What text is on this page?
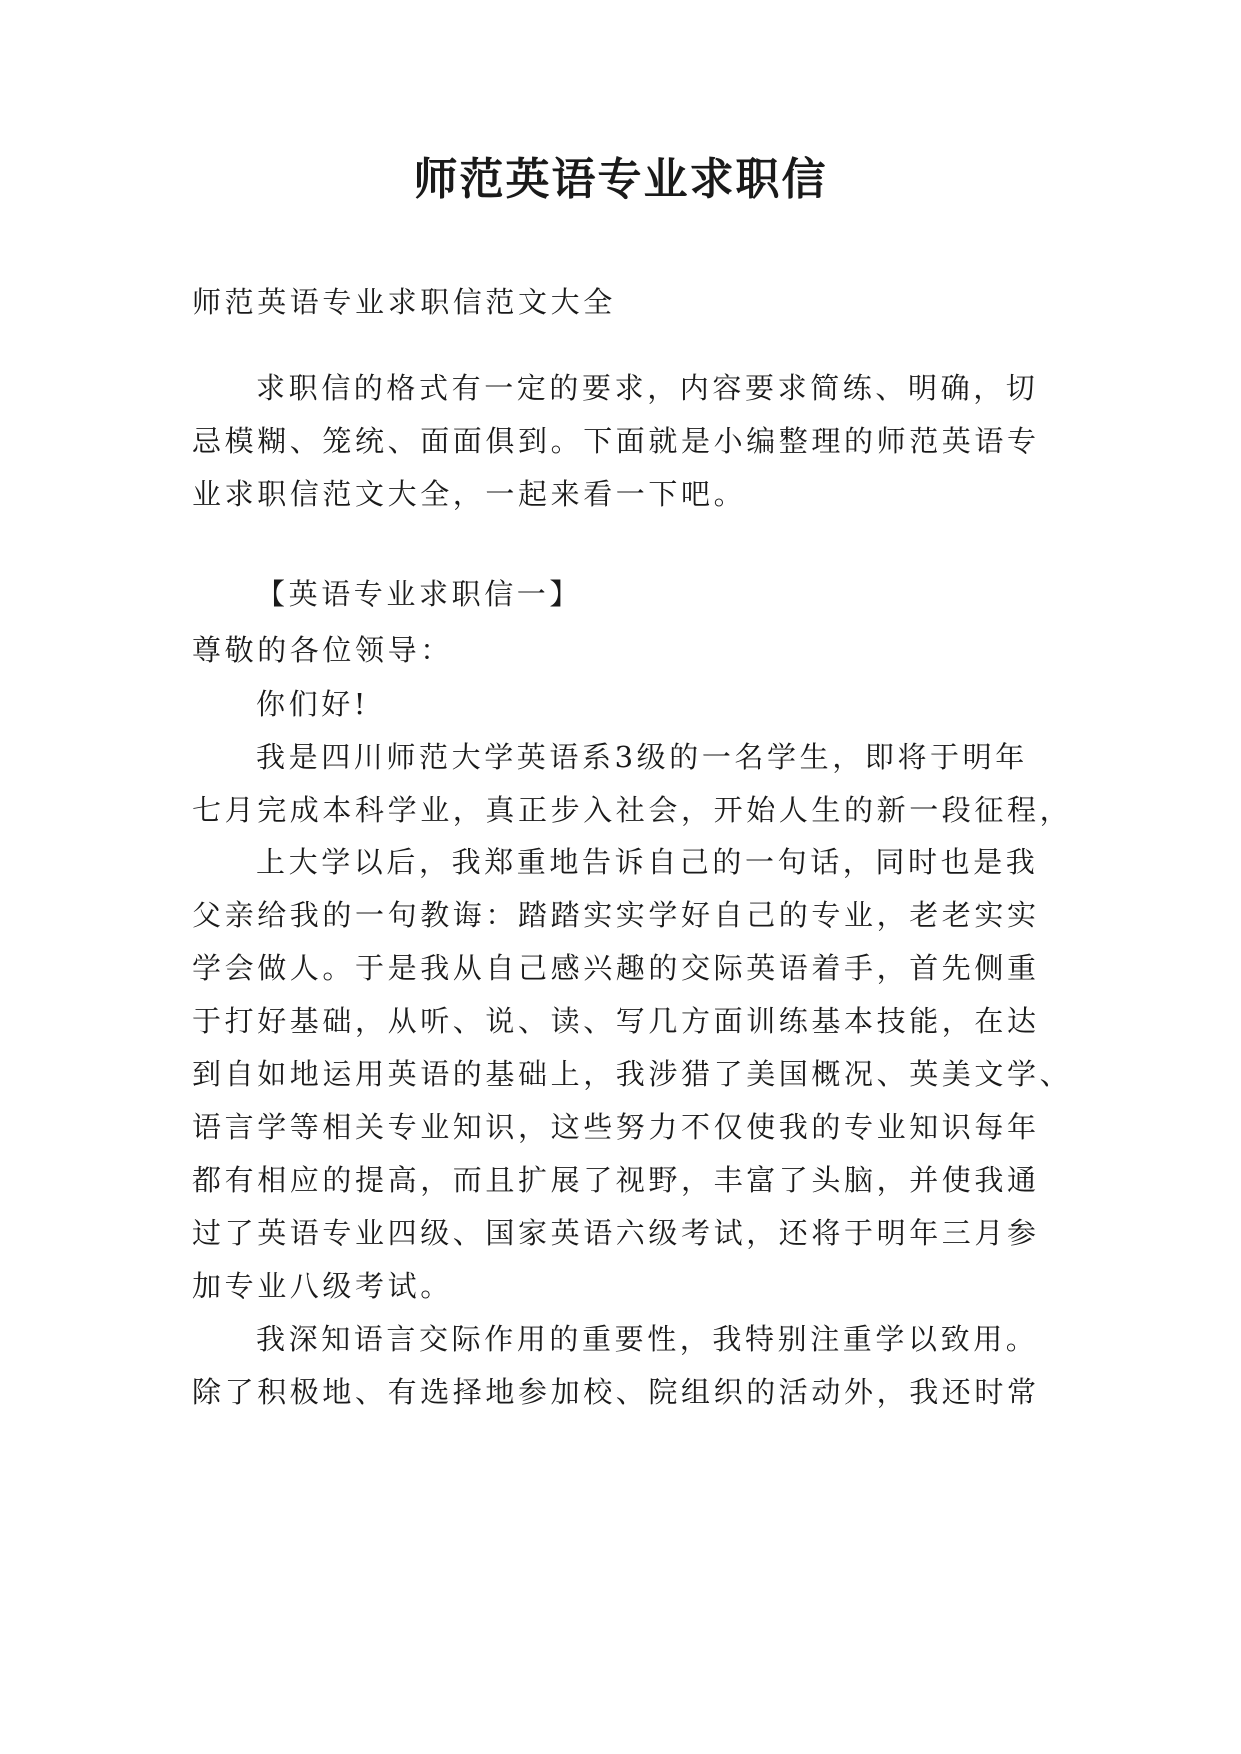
师范英语专业求职信
师范英语专业求职信范文大全
求职信的格式有一定的要求，内容要求简练、明确，切
忌模糊、笼统、面面俱到。下面就是小编整理的师范英语专
业求职信范文大全，一起来看一下吧。
【英语专业求职信一】
尊敬的各位领导：
你们好!
我是四川师范大学英语系3级的一名学生，即将于明年
七月完成本科学业，真正步入社会，开始人生的新一段征程，
上大学以后，我郑重地告诉自己的一句话，同时也是我
父亲给我的一句教诲：踏踏实实学好自己的专业，老老实实
学会做人。于是我从自己感兴趣的交际英语着手，首先侧重
于打好基础，从听、说、读、写几方面训练基本技能，在达
到自如地运用英语的基础上，我涉猎了美国概况、英美文学、
语言学等相关专业知识，这些努力不仅使我的专业知识每年
都有相应的提高，而且扩展了视野，丰富了头脑，并使我通
过了英语专业四级、国家英语六级考试，还将于明年三月参
加专业八级考试。
我深知语言交际作用的重要性，我特别注重学以致用。
除了积极地、有选择地参加校、院组织的活动外，我还时常
